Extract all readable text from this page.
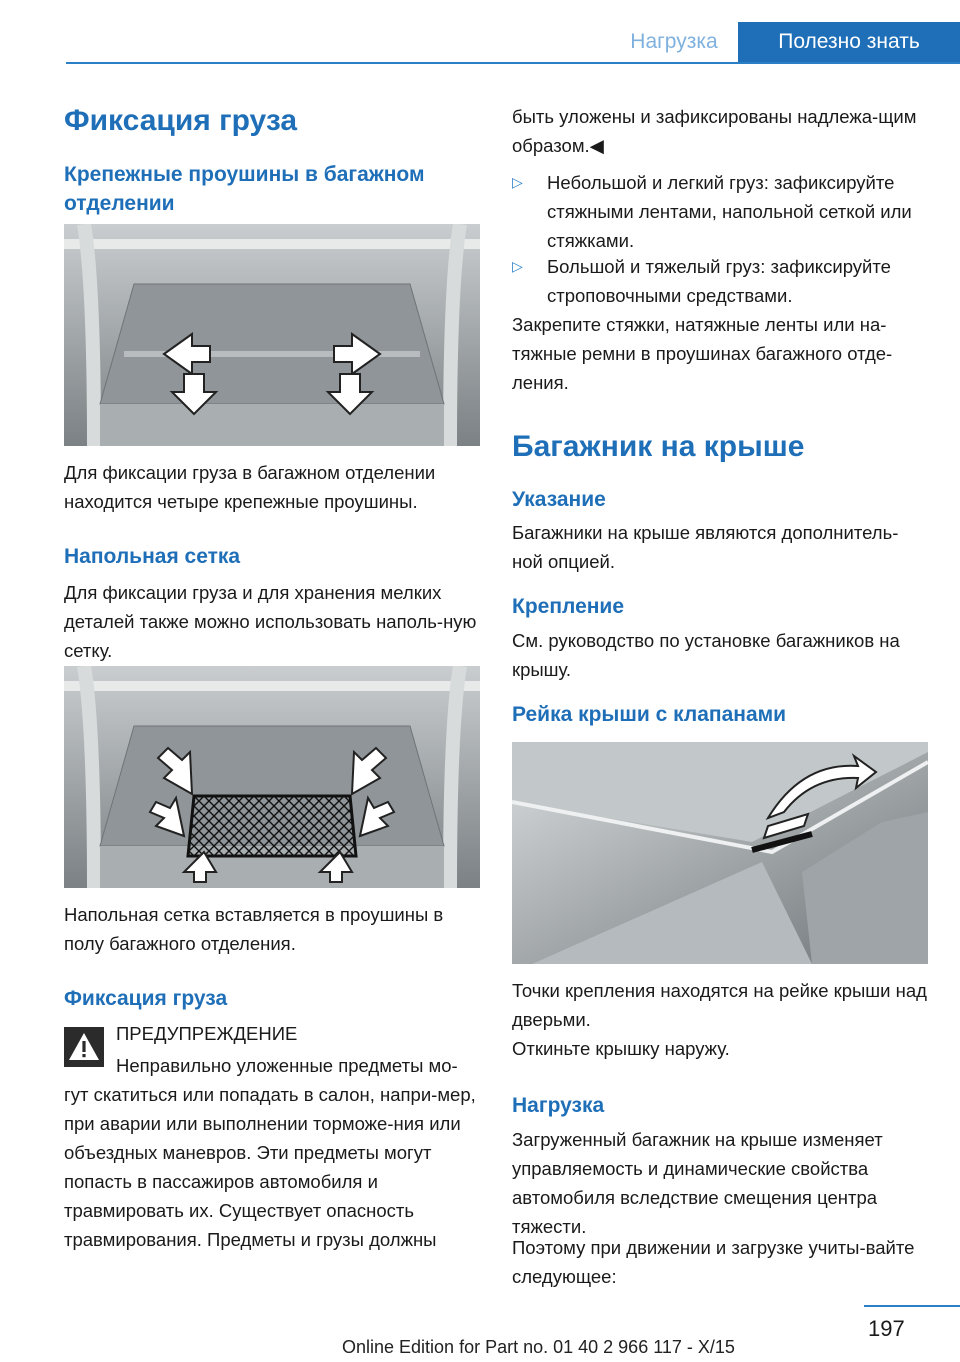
Нагрузка	Полезно знать
Фиксация груза
Крепежные проушины в багажном отделении
Для фиксации груза в багажном отделении находится четыре крепежные проушины.
Напольная сетка
Для фиксации груза и для хранения мелких деталей также можно использовать наполь‐ную сетку.
Напольная сетка вставляется в проушины в полу багажного отделения.
Фиксация груза
ПРЕДУПРЕЖДЕНИЕ
Неправильно уложенные предметы мо‐гут скатиться или попадать в салон, напри‐мер, при аварии или выполнении торможе‐ния или объездных маневров. Эти предметы могут попасть в пассажиров автомобиля и травмировать их. Существует опасность травмирования. Предметы и грузы должны
быть уложены и зафиксированы надлежа‐щим образом.◀
▷ Небольшой и легкий груз: зафиксируйте стяжными лентами, напольной сеткой или стяжками.
▷ Большой и тяжелый груз: зафиксируйте строповочными средствами.
Закрепите стяжки, натяжные ленты или на‐тяжные ремни в проушинах багажного отде‐ления.
Багажник на крыше
Указание
Багажники на крыше являются дополнитель‐ной опцией.
Крепление
См. руководство по установке багажников на крышу.
Рейка крыши с клапанами
Точки крепления находятся на рейке крыши над дверьми.
Откиньте крышку наружу.
Нагрузка
Загруженный багажник на крыше изменяет управляемость и динамические свойства автомобиля вследствие смещения центра тяжести.
Поэтому при движении и загрузке учиты‐вайте следующее:
197
Online Edition for Part no. 01 40 2 966 117 - X/15
